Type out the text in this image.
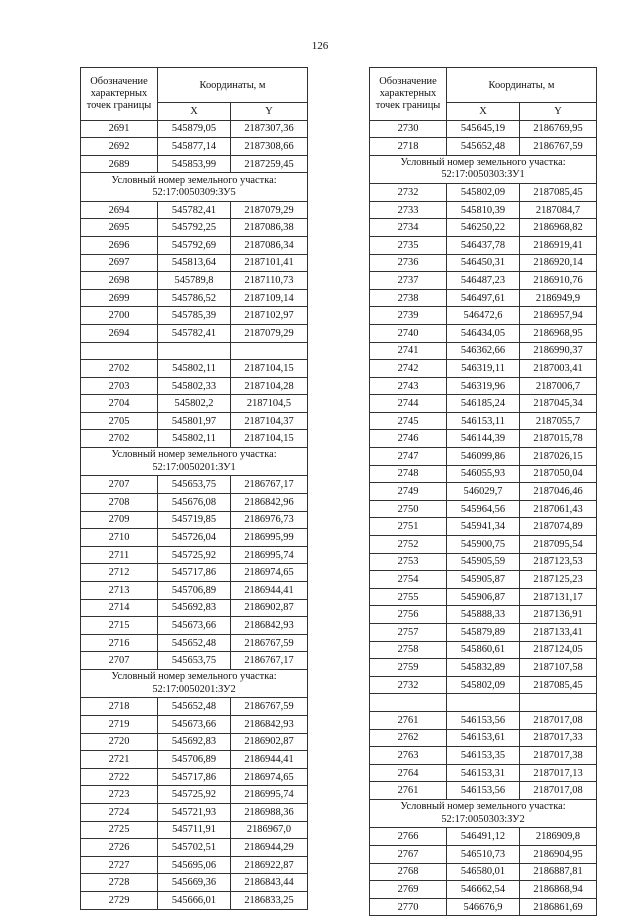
126
Обозначение характерных точек границы	Координаты, м	
	X	Y
2691	545879,05	2187307,36
2692	545877,14	2187308,66
2689	545853,99	2187259,45
Условный номер земельного участка: 52:17:0050309:ЗУ5		
2694	545782,41	2187079,29
2695	545792,25	2187086,38
2696	545792,69	2187086,34
2697	545813,64	2187101,41
2698	545789,8	2187110,73
2699	545786,52	2187109,14
2700	545785,39	2187102,97
2694	545782,41	2187079,29

2702	545802,11	2187104,15
2703	545802,33	2187104,28
2704	545802,2	2187104,5
2705	545801,97	2187104,37
2702	545802,11	2187104,15
Условный номер земельного участка: 52:17:0050201:ЗУ1		
2707	545653,75	2186767,17
2708	545676,08	2186842,96
2709	545719,85	2186976,73
2710	545726,04	2186995,99
2711	545725,92	2186995,74
2712	545717,86	2186974,65
2713	545706,89	2186944,41
2714	545692,83	2186902,87
2715	545673,66	2186842,93
2716	545652,48	2186767,59
2707	545653,75	2186767,17
Условный номер земельного участка: 52:17:0050201:ЗУ2		
2718	545652,48	2186767,59
2719	545673,66	2186842,93
2720	545692,83	2186902,87
2721	545706,89	2186944,41
2722	545717,86	2186974,65
2723	545725,92	2186995,74
2724	545721,93	2186988,36
2725	545711,91	2186967,0
2726	545702,51	2186944,29
2727	545695,06	2186922,87
2728	545669,36	2186843,44
2729	545666,01	2186833,25
Обозначение характерных точек границы	Координаты, м	
	X	Y
2730	545645,19	2186769,95
2718	545652,48	2186767,59
Условный номер земельного участка: 52:17:0050303:ЗУ1		
2732	545802,09	2187085,45
2733	545810,39	2187084,7
2734	546250,22	2186968,82
2735	546437,78	2186919,41
2736	546450,31	2186920,14
2737	546487,23	2186910,76
2738	546497,61	2186949,9
2739	546472,6	2186957,94
2740	546434,05	2186968,95
2741	546362,66	2186990,37
2742	546319,11	2187003,41
2743	546319,96	2187006,7
2744	546185,24	2187045,34
2745	546153,11	2187055,7
2746	546144,39	2187015,78
2747	546099,86	2187026,15
2748	546055,93	2187050,04
2749	546029,7	2187046,46
2750	545964,56	2187061,43
2751	545941,34	2187074,89
2752	545900,75	2187095,54
2753	545905,59	2187123,53
2754	545905,87	2187125,23
2755	545906,87	2187131,17
2756	545888,33	2187136,91
2757	545879,89	2187133,41
2758	545860,61	2187124,05
2759	545832,89	2187107,58
2732	545802,09	2187085,45

2761	546153,56	2187017,08
2762	546153,61	2187017,33
2763	546153,35	2187017,38
2764	546153,31	2187017,13
2761	546153,56	2187017,08
Условный номер земельного участка: 52:17:0050303:ЗУ2		
2766	546491,12	2186909,8
2767	546510,73	2186904,95
2768	546580,01	2186887,81
2769	546662,54	2186868,94
2770	546676,9	2186861,69
